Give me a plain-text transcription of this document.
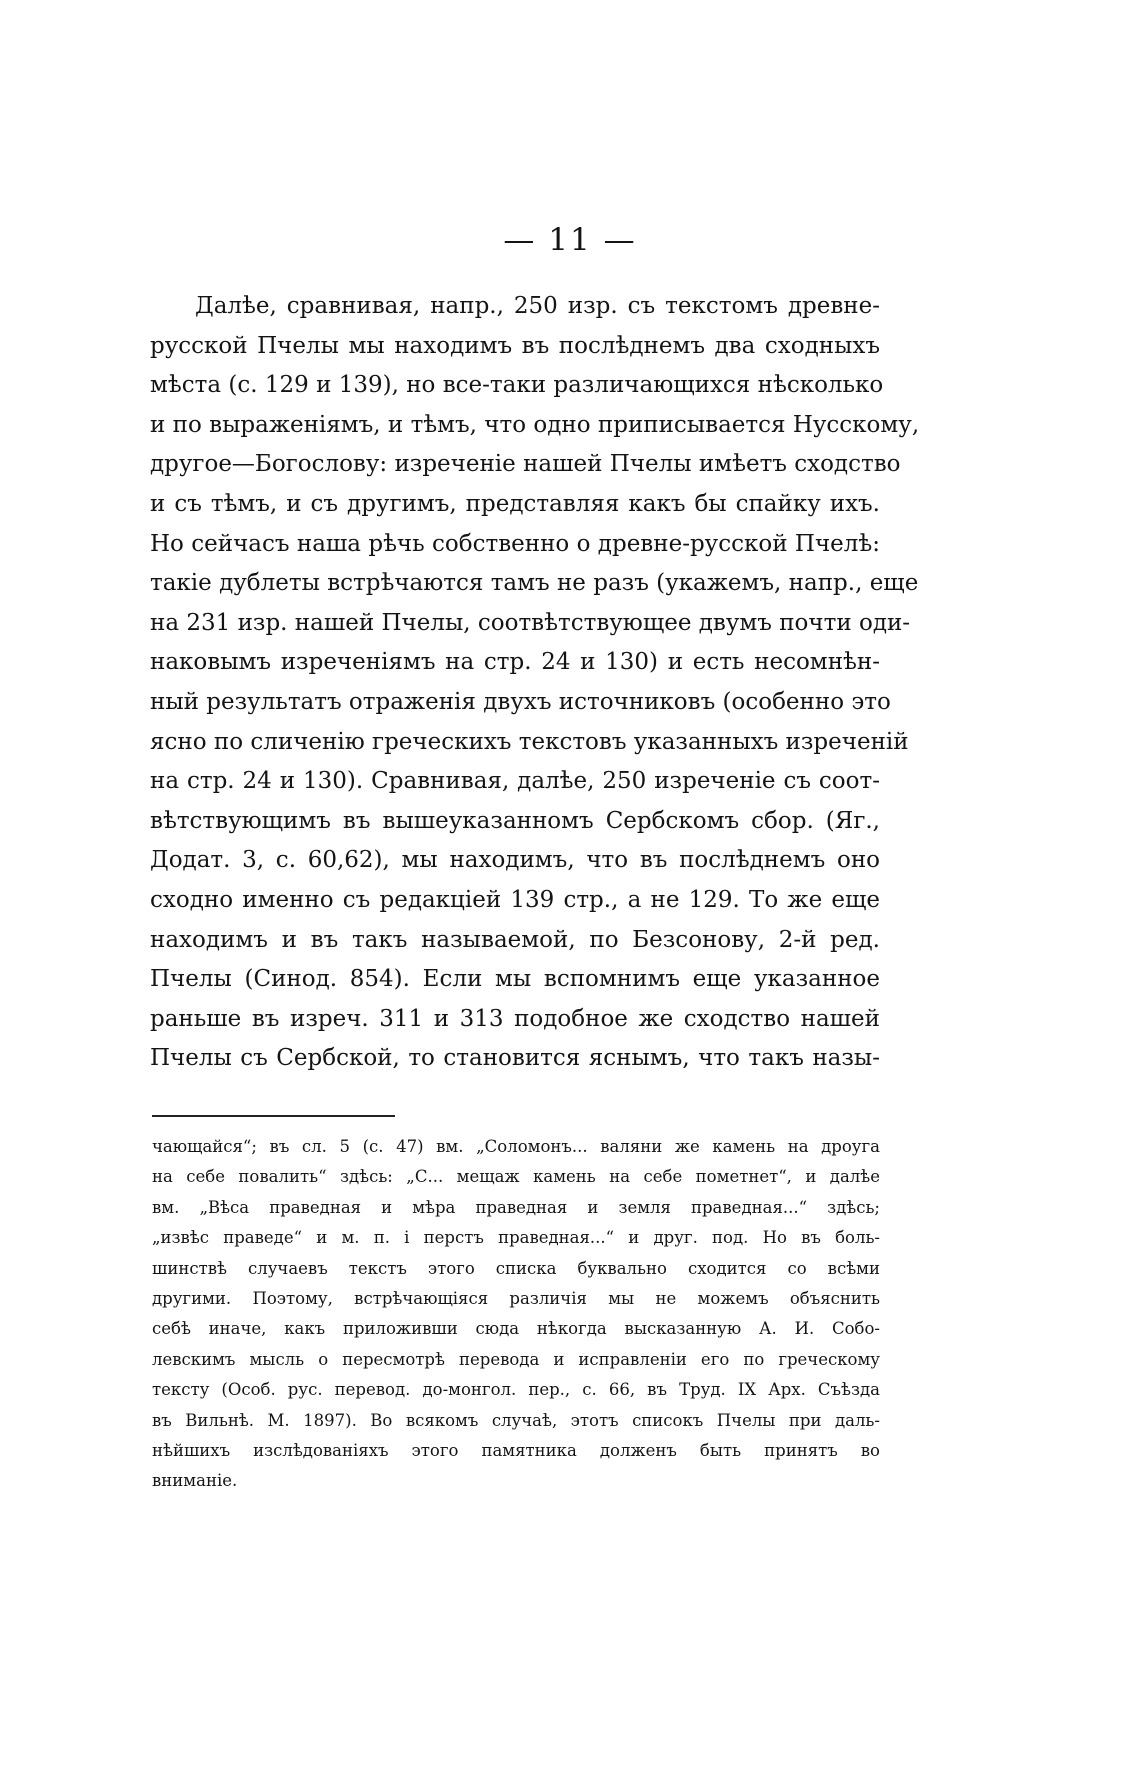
— 11 —
Далѣе, сравнивая, напр., 250 изр. съ текстомъ древне-
русской Пчелы мы находимъ въ послѣднемъ два сходныхъ
мѣста (с. 129 и 139), но все-таки различающихся нѣсколько
и по выраженiямъ, и тѣмъ, что одно приписывается Нусскому,
другое—Богослову: изреченiе нашей Пчелы имѣетъ сходство
и съ тѣмъ, и съ другимъ, представляя какъ бы спайку ихъ.
Но сейчасъ наша рѣчь собственно о древне-русской Пчелѣ:
такiе дублеты встрѣчаются тамъ не разъ (укажемъ, напр., еще
на 231 изр. нашей Пчелы, соотвѣтствующее двумъ почти оди-
наковымъ изреченiямъ на стр. 24 и 130) и есть несомнѣн-
ный результатъ отраженiя двухъ источниковъ (особенно это
ясно по сличенiю греческихъ текстовъ указанныхъ изреченiй
на стр. 24 и 130). Сравнивая, далѣе, 250 изреченiе съ соот-
вѣтствующимъ въ вышеуказанномъ Сербскомъ сбор. (Яг.,
Додат. 3, с. 60,62), мы находимъ, что въ послѣднемъ оно
сходно именно съ редакцiей 139 стр., а не 129. То же еще
находимъ и въ такъ называемой, по Безсонову, 2-й ред.
Пчелы (Синод. 854). Если мы вспомнимъ еще указанное
раньше въ изреч. 311 и 313 подобное же сходство нашей
Пчелы съ Сербской, то становится яснымъ, что такъ назы-
чающайся“; въ сл. 5 (с. 47) вм. „Соломонъ... валяни же камень на дроуга
на себе повалить“ здѣсь: „С... мещаж камень на себе пометнет“, и далѣе
вм. „Вѣса праведная и мѣра праведная и земля праведная...“ здѣсь;
„извѣс праведе“ и м. п. i перстъ праведная...“ и друг. под. Но въ боль-
шинствѣ случаевъ текстъ этого списка буквально сходится со всѣми
другими. Поэтому, встрѣчающiяся различiя мы не можемъ объяснить
себѣ иначе, какъ приложивши сюда нѣкогда высказанную А. И. Собо-
левскимъ мысль о пересмотрѣ перевода и исправленiи его по греческому
тексту (Особ. рус. перевод. до-монгол. пер., с. 66, въ Труд. IX Арх. Съѣзда
въ Вильнѣ. М. 1897). Во всякомъ случаѣ, этотъ списокъ Пчелы при даль-
нѣйшихъ изслѣдованiяхъ этого памятника долженъ быть принятъ во
вниманiе.
